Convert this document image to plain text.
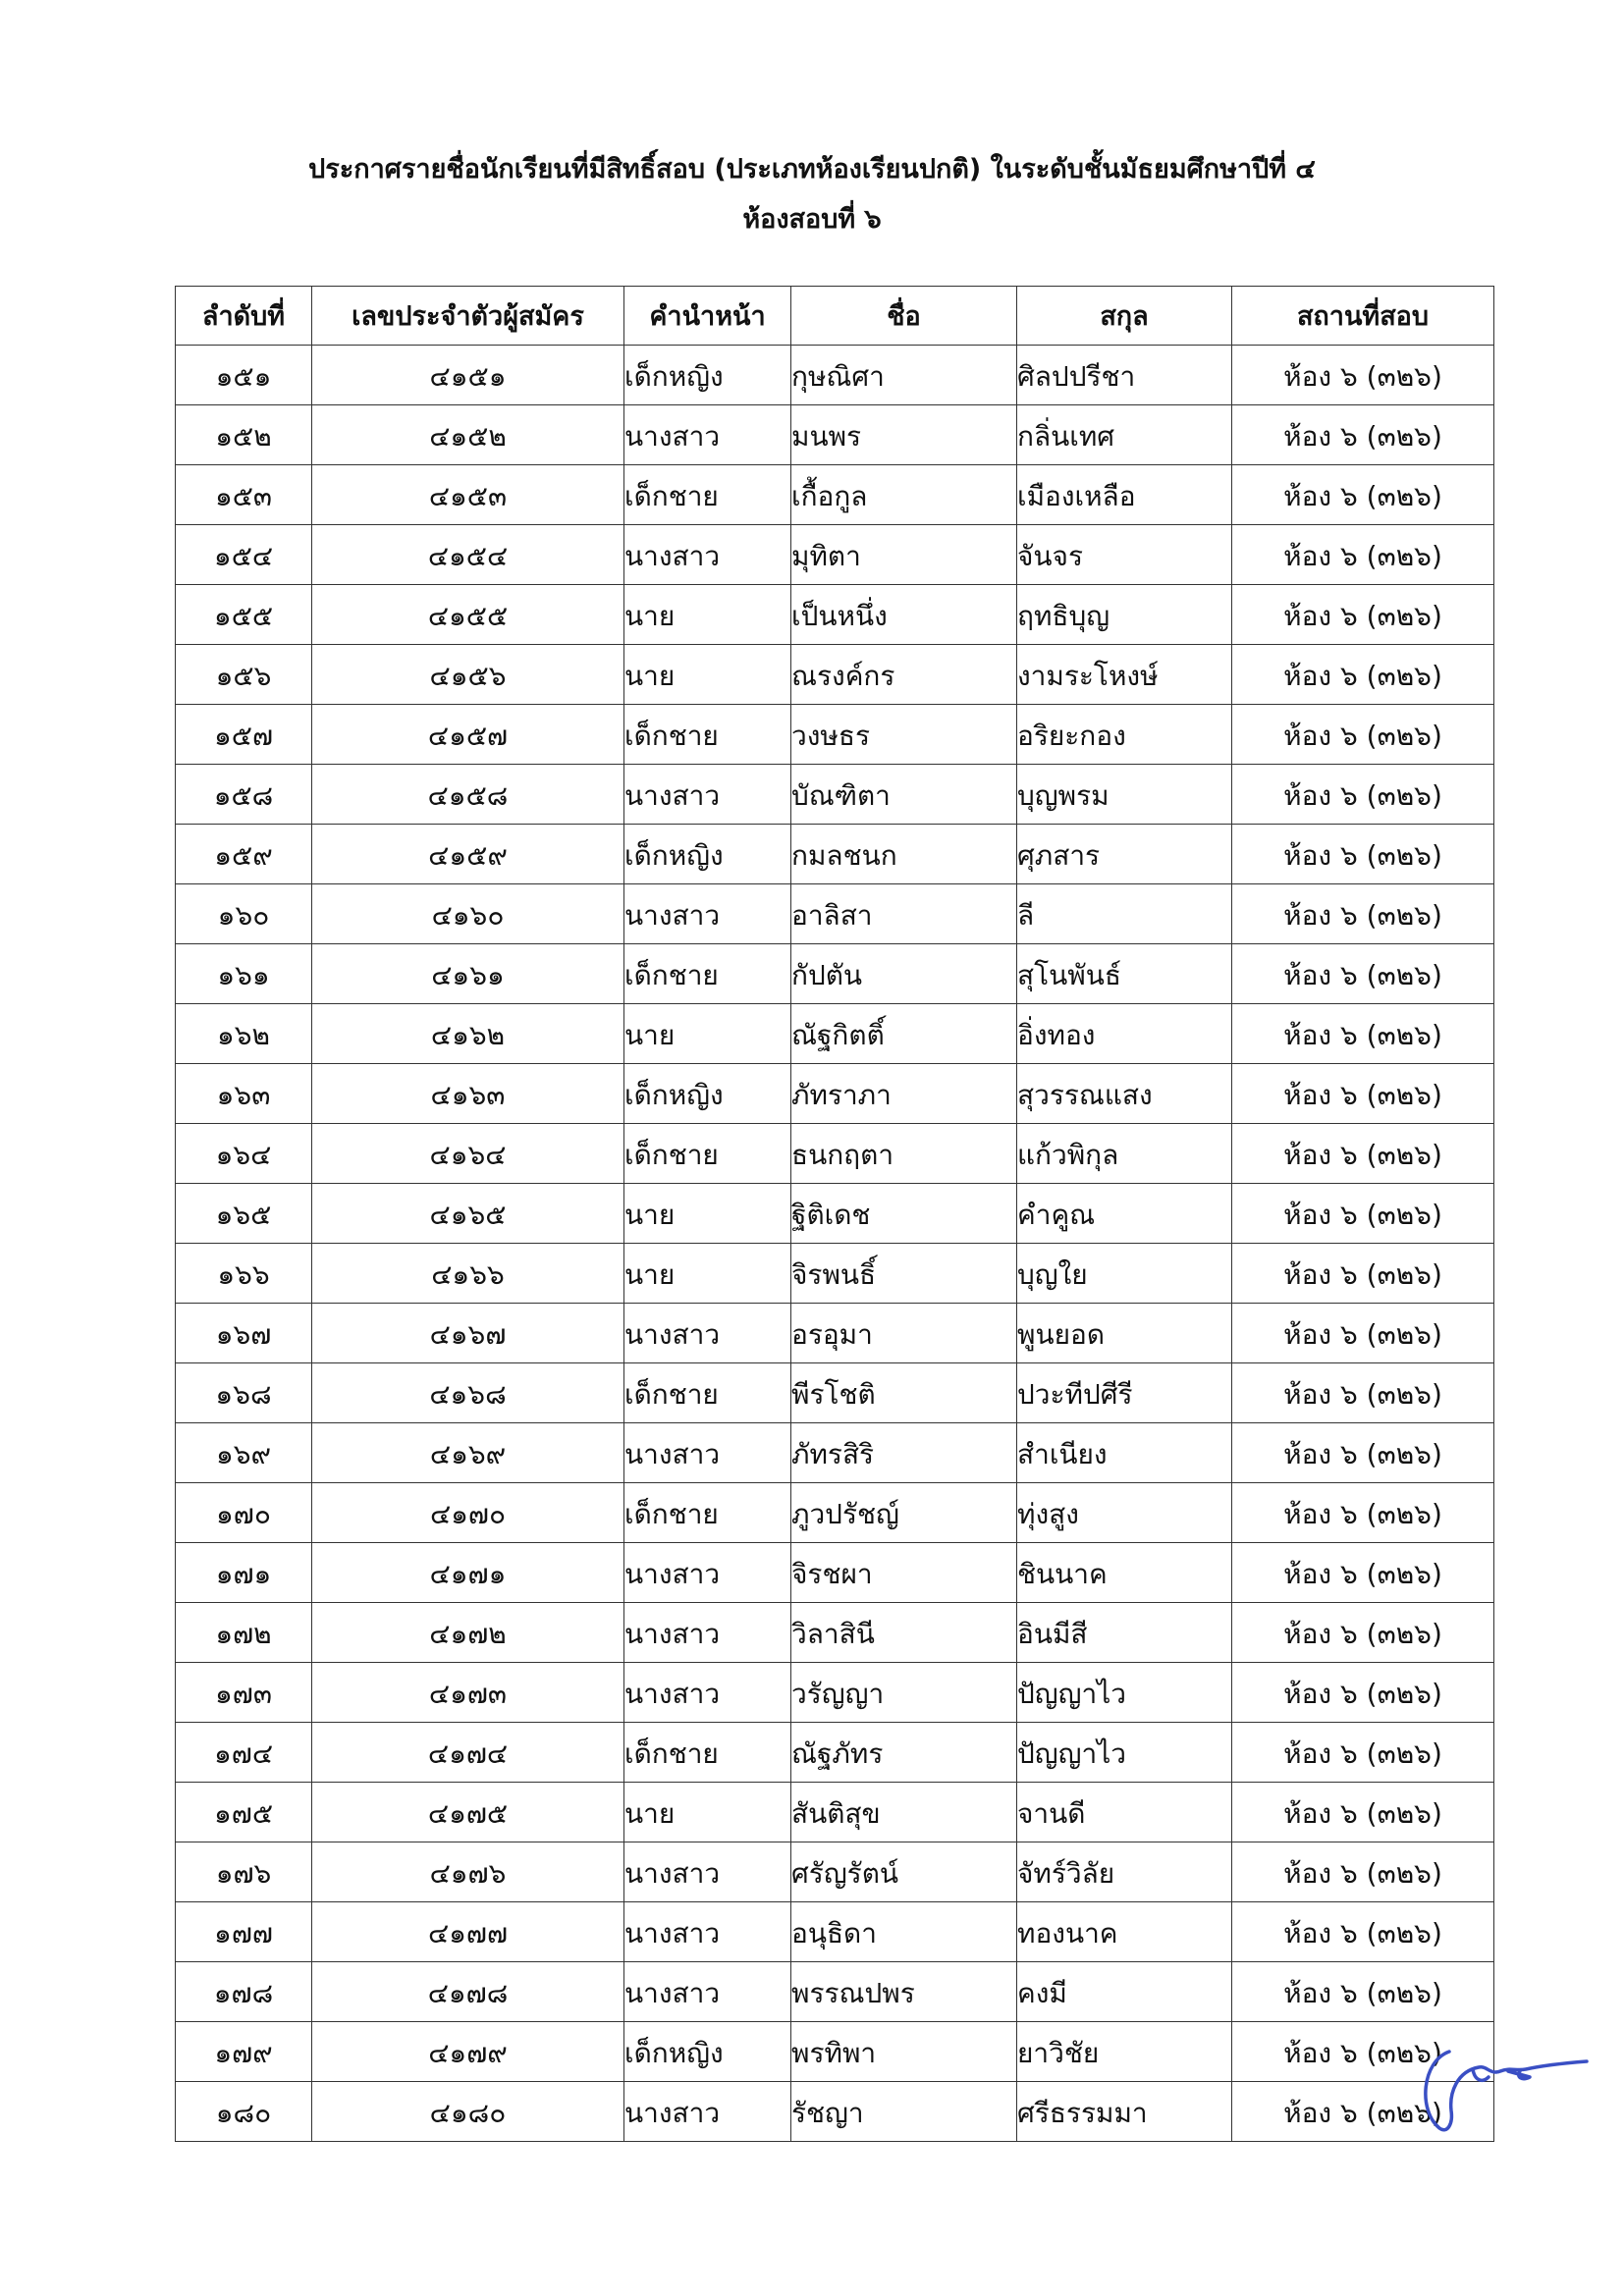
ประกาศรายชื่อนักเรียนที่มีสิทธิ์สอบ (ประเภทห้องเรียนปกติ) ในระดับชั้นมัธยมศึกษาปีที่ ๔
ห้องสอบที่ ๖
ลำดับที่	เลขประจำตัวผู้สมัคร	คำนำหน้า	ชื่อ	สกุล	สถานที่สอบ
๑๕๑	๔๑๕๑	เด็กหญิง	กุษณิศา	ศิลปปรีชา	ห้อง ๖ (๓๒๖)
๑๕๒	๔๑๕๒	นางสาว	มนพร	กลิ่นเทศ	ห้อง ๖ (๓๒๖)
๑๕๓	๔๑๕๓	เด็กชาย	เกื้อกูล	เมืองเหลือ	ห้อง ๖ (๓๒๖)
๑๕๔	๔๑๕๔	นางสาว	มุทิตา	จันจร	ห้อง ๖ (๓๒๖)
๑๕๕	๔๑๕๕	นาย	เป็นหนึ่ง	ฤทธิบุญ	ห้อง ๖ (๓๒๖)
๑๕๖	๔๑๕๖	นาย	ณรงค์กร	งามระโหงษ์	ห้อง ๖ (๓๒๖)
๑๕๗	๔๑๕๗	เด็กชาย	วงษธร	อริยะกอง	ห้อง ๖ (๓๒๖)
๑๕๘	๔๑๕๘	นางสาว	บัณฑิตา	บุญพรม	ห้อง ๖ (๓๒๖)
๑๕๙	๔๑๕๙	เด็กหญิง	กมลชนก	ศุภสาร	ห้อง ๖ (๓๒๖)
๑๖๐	๔๑๖๐	นางสาว	อาลิสา	ลี	ห้อง ๖ (๓๒๖)
๑๖๑	๔๑๖๑	เด็กชาย	กัปตัน	สุโนพันธ์	ห้อง ๖ (๓๒๖)
๑๖๒	๔๑๖๒	นาย	ณัฐกิตติ์	อิ่งทอง	ห้อง ๖ (๓๒๖)
๑๖๓	๔๑๖๓	เด็กหญิง	ภัทราภา	สุวรรณแสง	ห้อง ๖ (๓๒๖)
๑๖๔	๔๑๖๔	เด็กชาย	ธนกฤตา	แก้วพิกุล	ห้อง ๖ (๓๒๖)
๑๖๕	๔๑๖๕	นาย	ฐิติเดช	คำคูณ	ห้อง ๖ (๓๒๖)
๑๖๖	๔๑๖๖	นาย	จิรพนธิ์	บุญใย	ห้อง ๖ (๓๒๖)
๑๖๗	๔๑๖๗	นางสาว	อรอุมา	พูนยอด	ห้อง ๖ (๓๒๖)
๑๖๘	๔๑๖๘	เด็กชาย	พีรโชติ	ปวะทีปศีรี	ห้อง ๖ (๓๒๖)
๑๖๙	๔๑๖๙	นางสาว	ภัทรสิริ	สำเนียง	ห้อง ๖ (๓๒๖)
๑๗๐	๔๑๗๐	เด็กชาย	ภูวปรัชญ์	ทุ่งสูง	ห้อง ๖ (๓๒๖)
๑๗๑	๔๑๗๑	นางสาว	จิรชผา	ชินนาค	ห้อง ๖ (๓๒๖)
๑๗๒	๔๑๗๒	นางสาว	วิลาสินี	อินมีสี	ห้อง ๖ (๓๒๖)
๑๗๓	๔๑๗๓	นางสาว	วรัญญา	ปัญญาไว	ห้อง ๖ (๓๒๖)
๑๗๔	๔๑๗๔	เด็กชาย	ณัฐภัทร	ปัญญาไว	ห้อง ๖ (๓๒๖)
๑๗๕	๔๑๗๕	นาย	สันติสุข	จานดี	ห้อง ๖ (๓๒๖)
๑๗๖	๔๑๗๖	นางสาว	ศรัญรัตน์	จัทร์วิลัย	ห้อง ๖ (๓๒๖)
๑๗๗	๔๑๗๗	นางสาว	อนุธิดา	ทองนาค	ห้อง ๖ (๓๒๖)
๑๗๘	๔๑๗๘	นางสาว	พรรณปพร	คงมี	ห้อง ๖ (๓๒๖)
๑๗๙	๔๑๗๙	เด็กหญิง	พรทิพา	ยาวิชัย	ห้อง ๖ (๓๒๖)
๑๘๐	๔๑๘๐	นางสาว	รัชญา	ศรีธรรมมา	ห้อง ๖ (๓๒๖)
